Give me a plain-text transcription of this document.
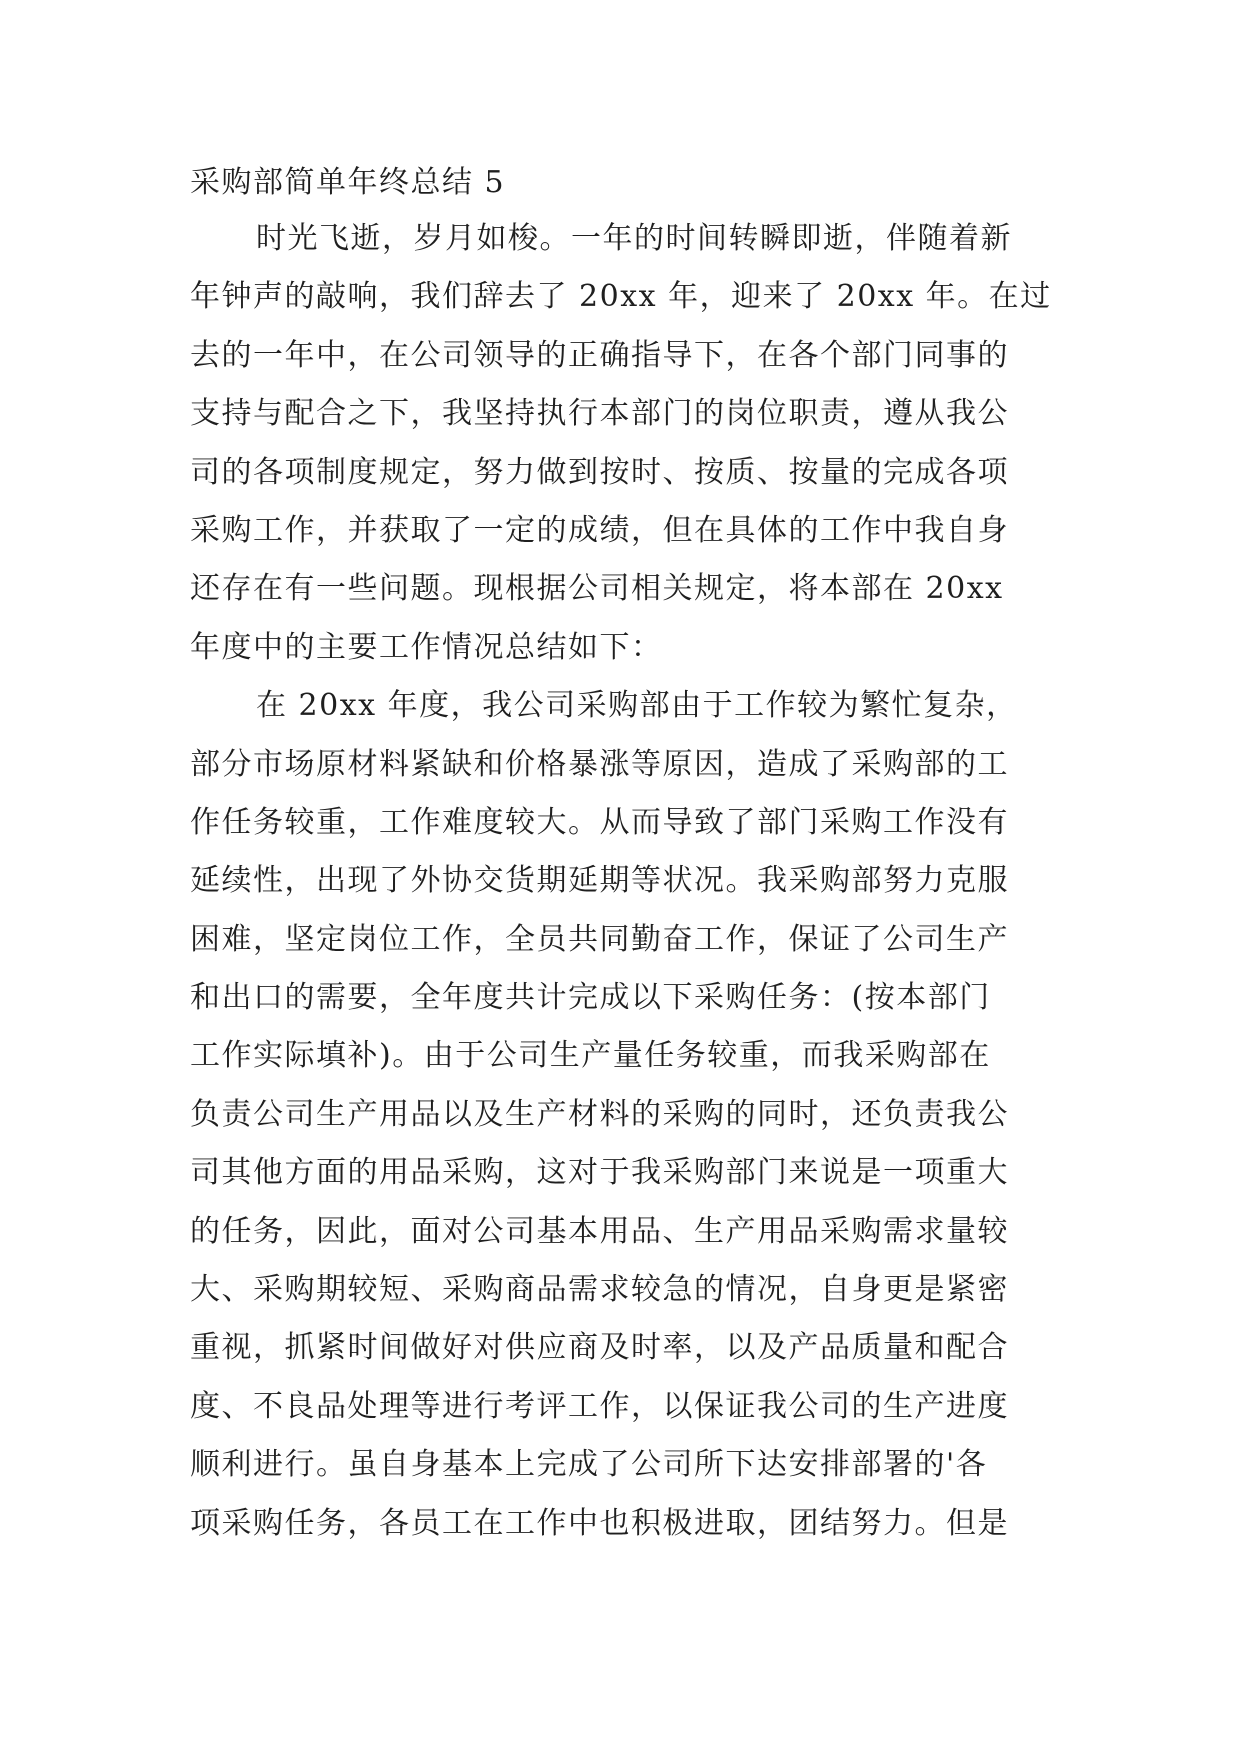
采购部简单年终总结 5
时光飞逝，岁月如梭。一年的时间转瞬即逝，伴随着新
年钟声的敲响，我们辞去了 20xx 年，迎来了 20xx 年。在过
去的一年中，在公司领导的正确指导下，在各个部门同事的
支持与配合之下，我坚持执行本部门的岗位职责，遵从我公
司的各项制度规定，努力做到按时、按质、按量的完成各项
采购工作，并获取了一定的成绩，但在具体的工作中我自身
还存在有一些问题。现根据公司相关规定，将本部在 20xx
年度中的主要工作情况总结如下：
在 20xx 年度，我公司采购部由于工作较为繁忙复杂，
部分市场原材料紧缺和价格暴涨等原因，造成了采购部的工
作任务较重，工作难度较大。从而导致了部门采购工作没有
延续性，出现了外协交货期延期等状况。我采购部努力克服
困难，坚定岗位工作，全员共同勤奋工作，保证了公司生产
和出口的需要，全年度共计完成以下采购任务：(按本部门
工作实际填补)。由于公司生产量任务较重，而我采购部在
负责公司生产用品以及生产材料的采购的同时，还负责我公
司其他方面的用品采购，这对于我采购部门来说是一项重大
的任务，因此，面对公司基本用品、生产用品采购需求量较
大、采购期较短、采购商品需求较急的情况，自身更是紧密
重视，抓紧时间做好对供应商及时率，以及产品质量和配合
度、不良品处理等进行考评工作，以保证我公司的生产进度
顺利进行。虽自身基本上完成了公司所下达安排部署的'各
项采购任务，各员工在工作中也积极进取，团结努力。但是
